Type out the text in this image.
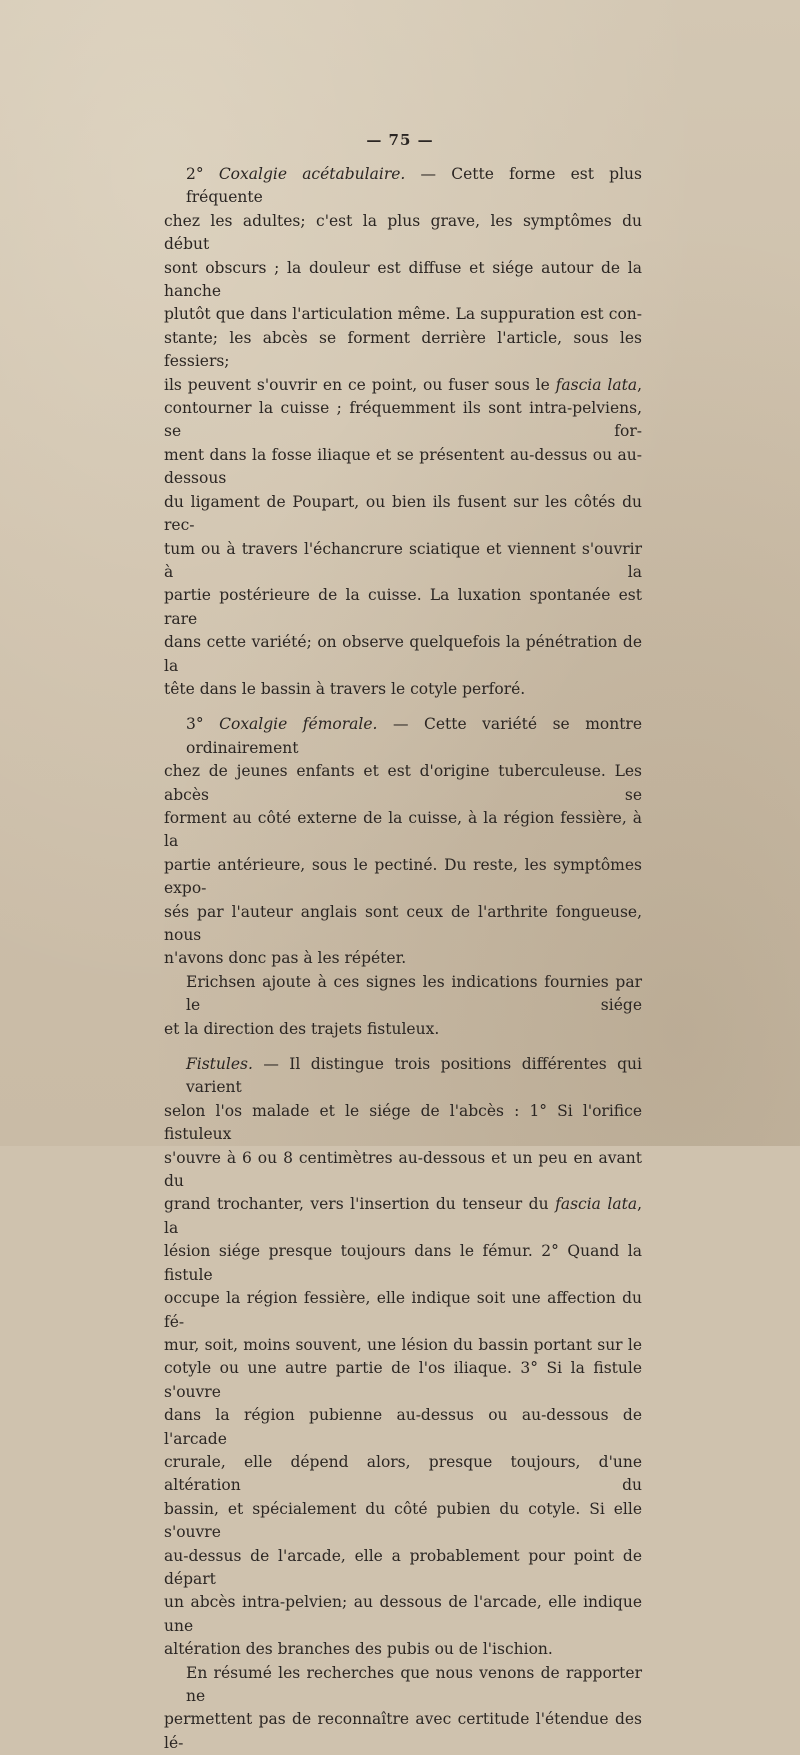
— 75 —
2° Coxalgie acétabulaire. — Cette forme est plus fréquente
chez les adultes; c'est la plus grave, les symptômes du début
sont obscurs ; la douleur est diffuse et siége autour de la hanche
plutôt que dans l'articulation même. La suppuration est con-
stante; les abcès se forment derrière l'article, sous les fessiers;
ils peuvent s'ouvrir en ce point, ou fuser sous le fascia lata,
contourner la cuisse ; fréquemment ils sont intra-pelviens, se for-
ment dans la fosse iliaque et se présentent au-dessus ou au-dessous
du ligament de Poupart, ou bien ils fusent sur les côtés du rec-
tum ou à travers l'échancrure sciatique et viennent s'ouvrir à la
partie postérieure de la cuisse. La luxation spontanée est rare
dans cette variété; on observe quelquefois la pénétration de la
tête dans le bassin à travers le cotyle perforé.
3° Coxalgie fémorale. — Cette variété se montre ordinairement
chez de jeunes enfants et est d'origine tuberculeuse. Les abcès se
forment au côté externe de la cuisse, à la région fessière, à la
partie antérieure, sous le pectiné. Du reste, les symptômes expo-
sés par l'auteur anglais sont ceux de l'arthrite fongueuse, nous
n'avons donc pas à les répéter.
Erichsen ajoute à ces signes les indications fournies par le siége
et la direction des trajets fistuleux.
Fistules. — Il distingue trois positions différentes qui varient
selon l'os malade et le siége de l'abcès : 1° Si l'orifice fistuleux
s'ouvre à 6 ou 8 centimètres au-dessous et un peu en avant du
grand trochanter, vers l'insertion du tenseur du fascia lata, la
lésion siége presque toujours dans le fémur. 2° Quand la fistule
occupe la région fessière, elle indique soit une affection du fé-
mur, soit, moins souvent, une lésion du bassin portant sur le
cotyle ou une autre partie de l'os iliaque. 3° Si la fistule s'ouvre
dans la région pubienne au-dessus ou au-dessous de l'arcade
crurale, elle dépend alors, presque toujours, d'une altération du
bassin, et spécialement du côté pubien du cotyle. Si elle s'ouvre
au-dessus de l'arcade, elle a probablement pour point de départ
un abcès intra-pelvien; au dessous de l'arcade, elle indique une
altération des branches des pubis ou de l'ischion.
En résumé les recherches que nous venons de rapporter ne
permettent pas de reconnaître avec certitude l'étendue des lé-
